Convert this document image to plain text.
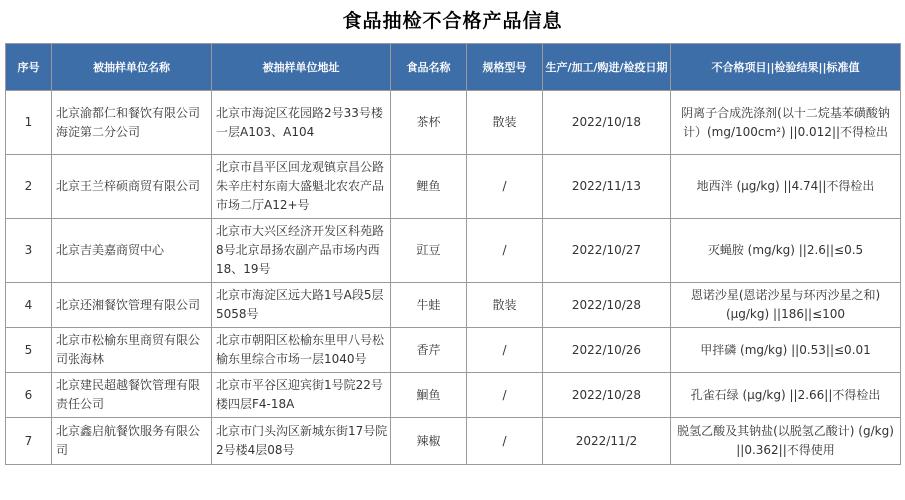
食品抽检不合格产品信息
序号	被抽样单位名称	被抽样单位地址	食品名称	规格型号	生产/加工/购进/检疫日期	不合格项目||检验结果||标准值
1	北京渝都仁和餐饮有限公司海淀第二分公司	北京市海淀区花园路2号33号楼一层A103、A104	茶杯	散装	2022/10/18	阴离子合成洗涤剂(以十二烷基苯磺酸钠计）(mg/100cm²) ||0.012||不得检出
2	北京王兰梓硕商贸有限公司	北京市昌平区回龙观镇京昌公路朱辛庄村东南大盛魁北农农产品市场二厅A12+号	鲤鱼	/	2022/11/13	地西泮 (μg/kg) ||4.74||不得检出
3	北京吉美嘉商贸中心	北京市大兴区经济开发区科苑路8号北京昂扬农副产品市场内西18、19号	豇豆	/	2022/10/27	灭蝇胺 (mg/kg) ||2.6||≤0.5
4	北京还湘餐饮管理有限公司	北京市海淀区远大路1号A段5层5058号	牛蛙	散装	2022/10/28	恩诺沙星(恩诺沙星与环丙沙星之和) (μg/kg) ||186||≤100
5	北京市松榆东里商贸有限公司张海林	北京市朝阳区松榆东里甲八号松榆东里综合市场一层1040号	香芹	/	2022/10/26	甲拌磷 (mg/kg) ||0.53||≤0.01
6	北京建民超越餐饮管理有限责任公司	北京市平谷区迎宾街1号院22号楼四层F4-18A	鮰鱼	/	2022/10/28	孔雀石绿 (μg/kg) ||2.66||不得检出
7	北京鑫启航餐饮服务有限公司	北京市门头沟区新城东街17号院2号楼4层08号	辣椒	/	2022/11/2	脱氢乙酸及其钠盐(以脱氢乙酸计) (g/kg) ||0.362||不得使用
